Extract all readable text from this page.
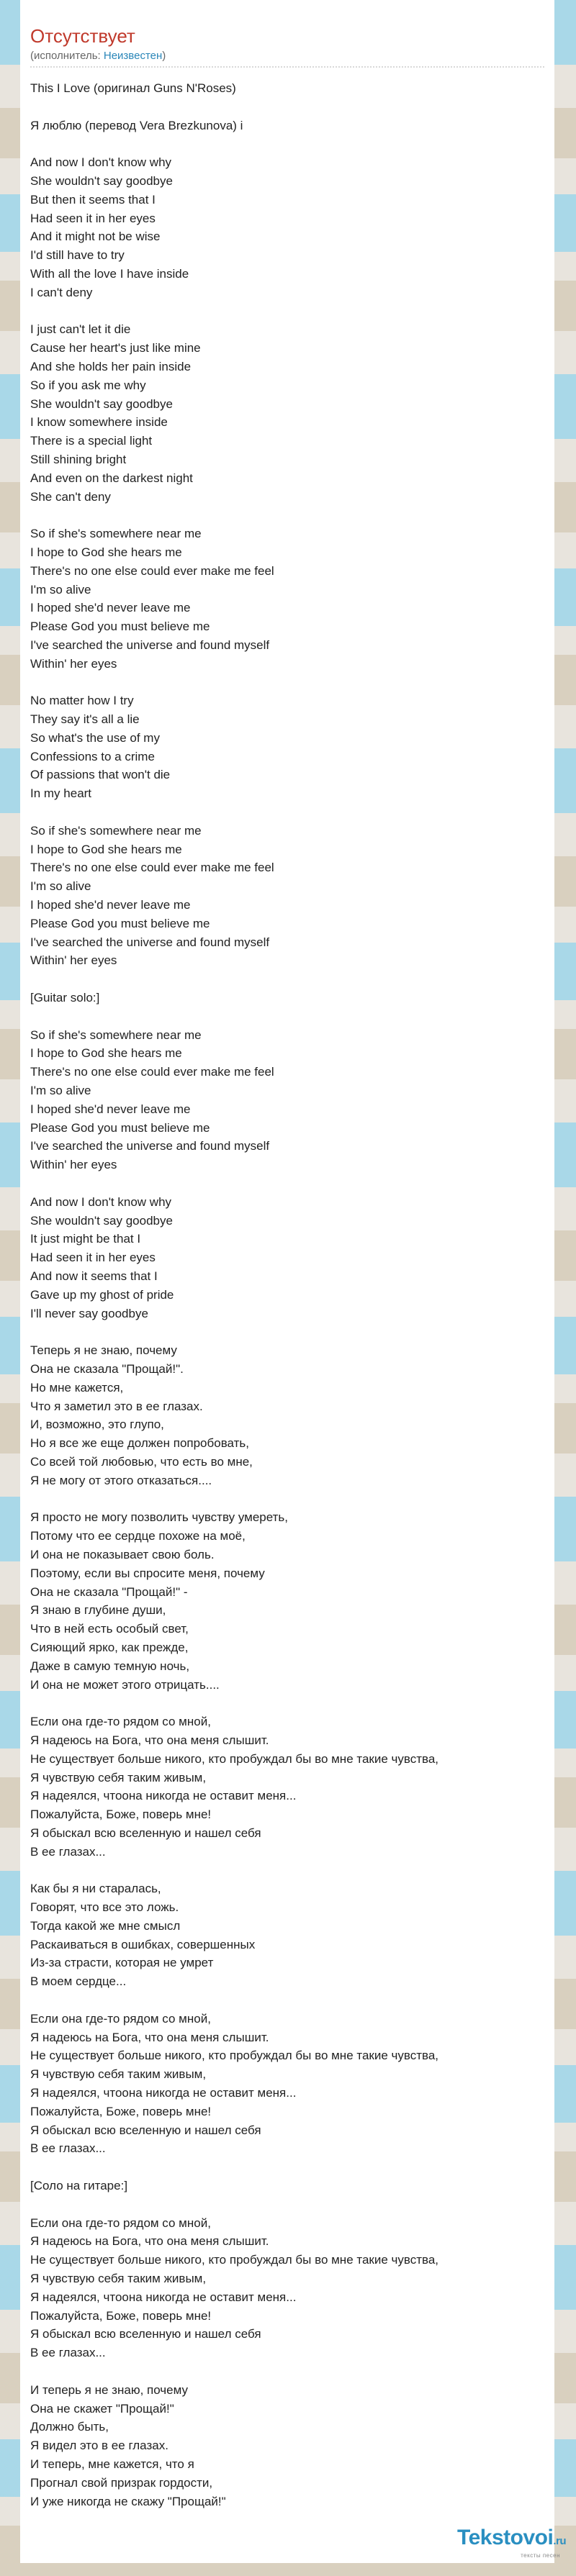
Отсутствует
(исполнитель: Неизвестен)
This I Love (оригинал Guns N'Roses)
Я люблю (перевод Vera Brezkunova) i
And now I don't know why
She wouldn't say goodbye
But then it seems that I
Had seen it in her eyes
And it might not be wise
I'd still have to try
With all the love I have inside
I can't deny
I just can't let it die
Cause her heart's just like mine
And she holds her pain inside
So if you ask me why
She wouldn't say goodbye
I know somewhere inside
There is a special light
Still shining bright
And even on the darkest night
She can't deny
So if she's somewhere near me
I hope to God she hears me
There's no one else could ever make me feel
I'm so alive
I hoped she'd never leave me
Please God you must believe me
I've searched the universe and found myself
Within' her eyes
No matter how I try
They say it's all a lie
So what's the use of my
Confessions to a crime
Of passions that won't die
In my heart
So if she's somewhere near me
I hope to God she hears me
There's no one else could ever make me feel
I'm so alive
I hoped she'd never leave me
Please God you must believe me
I've searched the universe and found myself
Within' her eyes
[Guitar solo:]
So if she's somewhere near me
I hope to God she hears me
There's no one else could ever make me feel
I'm so alive
I hoped she'd never leave me
Please God you must believe me
I've searched the universe and found myself
Within' her eyes
And now I don't know why
She wouldn't say goodbye
It just might be that I
Had seen it in her eyes
And now it seems that I
Gave up my ghost of pride
I'll never say goodbye
Теперь я не знаю, почему
Она не сказала "Прощай!".
Но мне кажется,
Что я заметил это в ее глазах.
И, возможно, это глупо,
Но я все же еще должен попробовать,
Со всей той любовью, что есть во мне,
Я не могу от этого отказаться....
Я просто не могу позволить чувству умереть,
Потому что ее сердце похоже на моё,
И она не показывает свою боль.
Поэтому, если вы спросите меня, почему
Она не сказала "Прощай!" -
Я знаю в глубине души,
Что в ней есть особый свет,
Сияющий ярко, как прежде,
Даже в самую темную ночь,
И она не может этого отрицать....
Если она где-то рядом со мной,
Я надеюсь на Бога, что она меня слышит.
Не существует больше никого, кто пробуждал бы во мне такие чувства,
Я чувствую себя таким живым,
Я надеялся, чтоона никогда не оставит меня...
Пожалуйста, Боже, поверь мне!
Я обыскал всю вселенную и нашел себя
В ее глазах...
Как бы я ни старалась,
Говорят, что все это ложь.
Тогда какой же мне смысл
Раскаиваться в ошибках, совершенных
Из-за страсти, которая не умрет
В моем сердце...
Если она где-то рядом со мной,
Я надеюсь на Бога, что она меня слышит.
Не существует больше никого, кто пробуждал бы во мне такие чувства,
Я чувствую себя таким живым,
Я надеялся, чтоона никогда не оставит меня...
Пожалуйста, Боже, поверь мне!
Я обыскал всю вселенную и нашел себя
В ее глазах...
[Соло на гитаре:]
Если она где-то рядом со мной,
Я надеюсь на Бога, что она меня слышит.
Не существует больше никого, кто пробуждал бы во мне такие чувства,
Я чувствую себя таким живым,
Я надеялся, чтоона никогда не оставит меня...
Пожалуйста, Боже, поверь мне!
Я обыскал всю вселенную и нашел себя
В ее глазах...
И теперь я не знаю, почему
Она не скажет "Прощай!"
Должно быть,
Я видел это в ее глазах.
И теперь, мне кажется, что я
Прогнал свой призрак гордости,
И уже никогда не скажу "Прощай!"
Tekstovoi.ru
тексты песен
